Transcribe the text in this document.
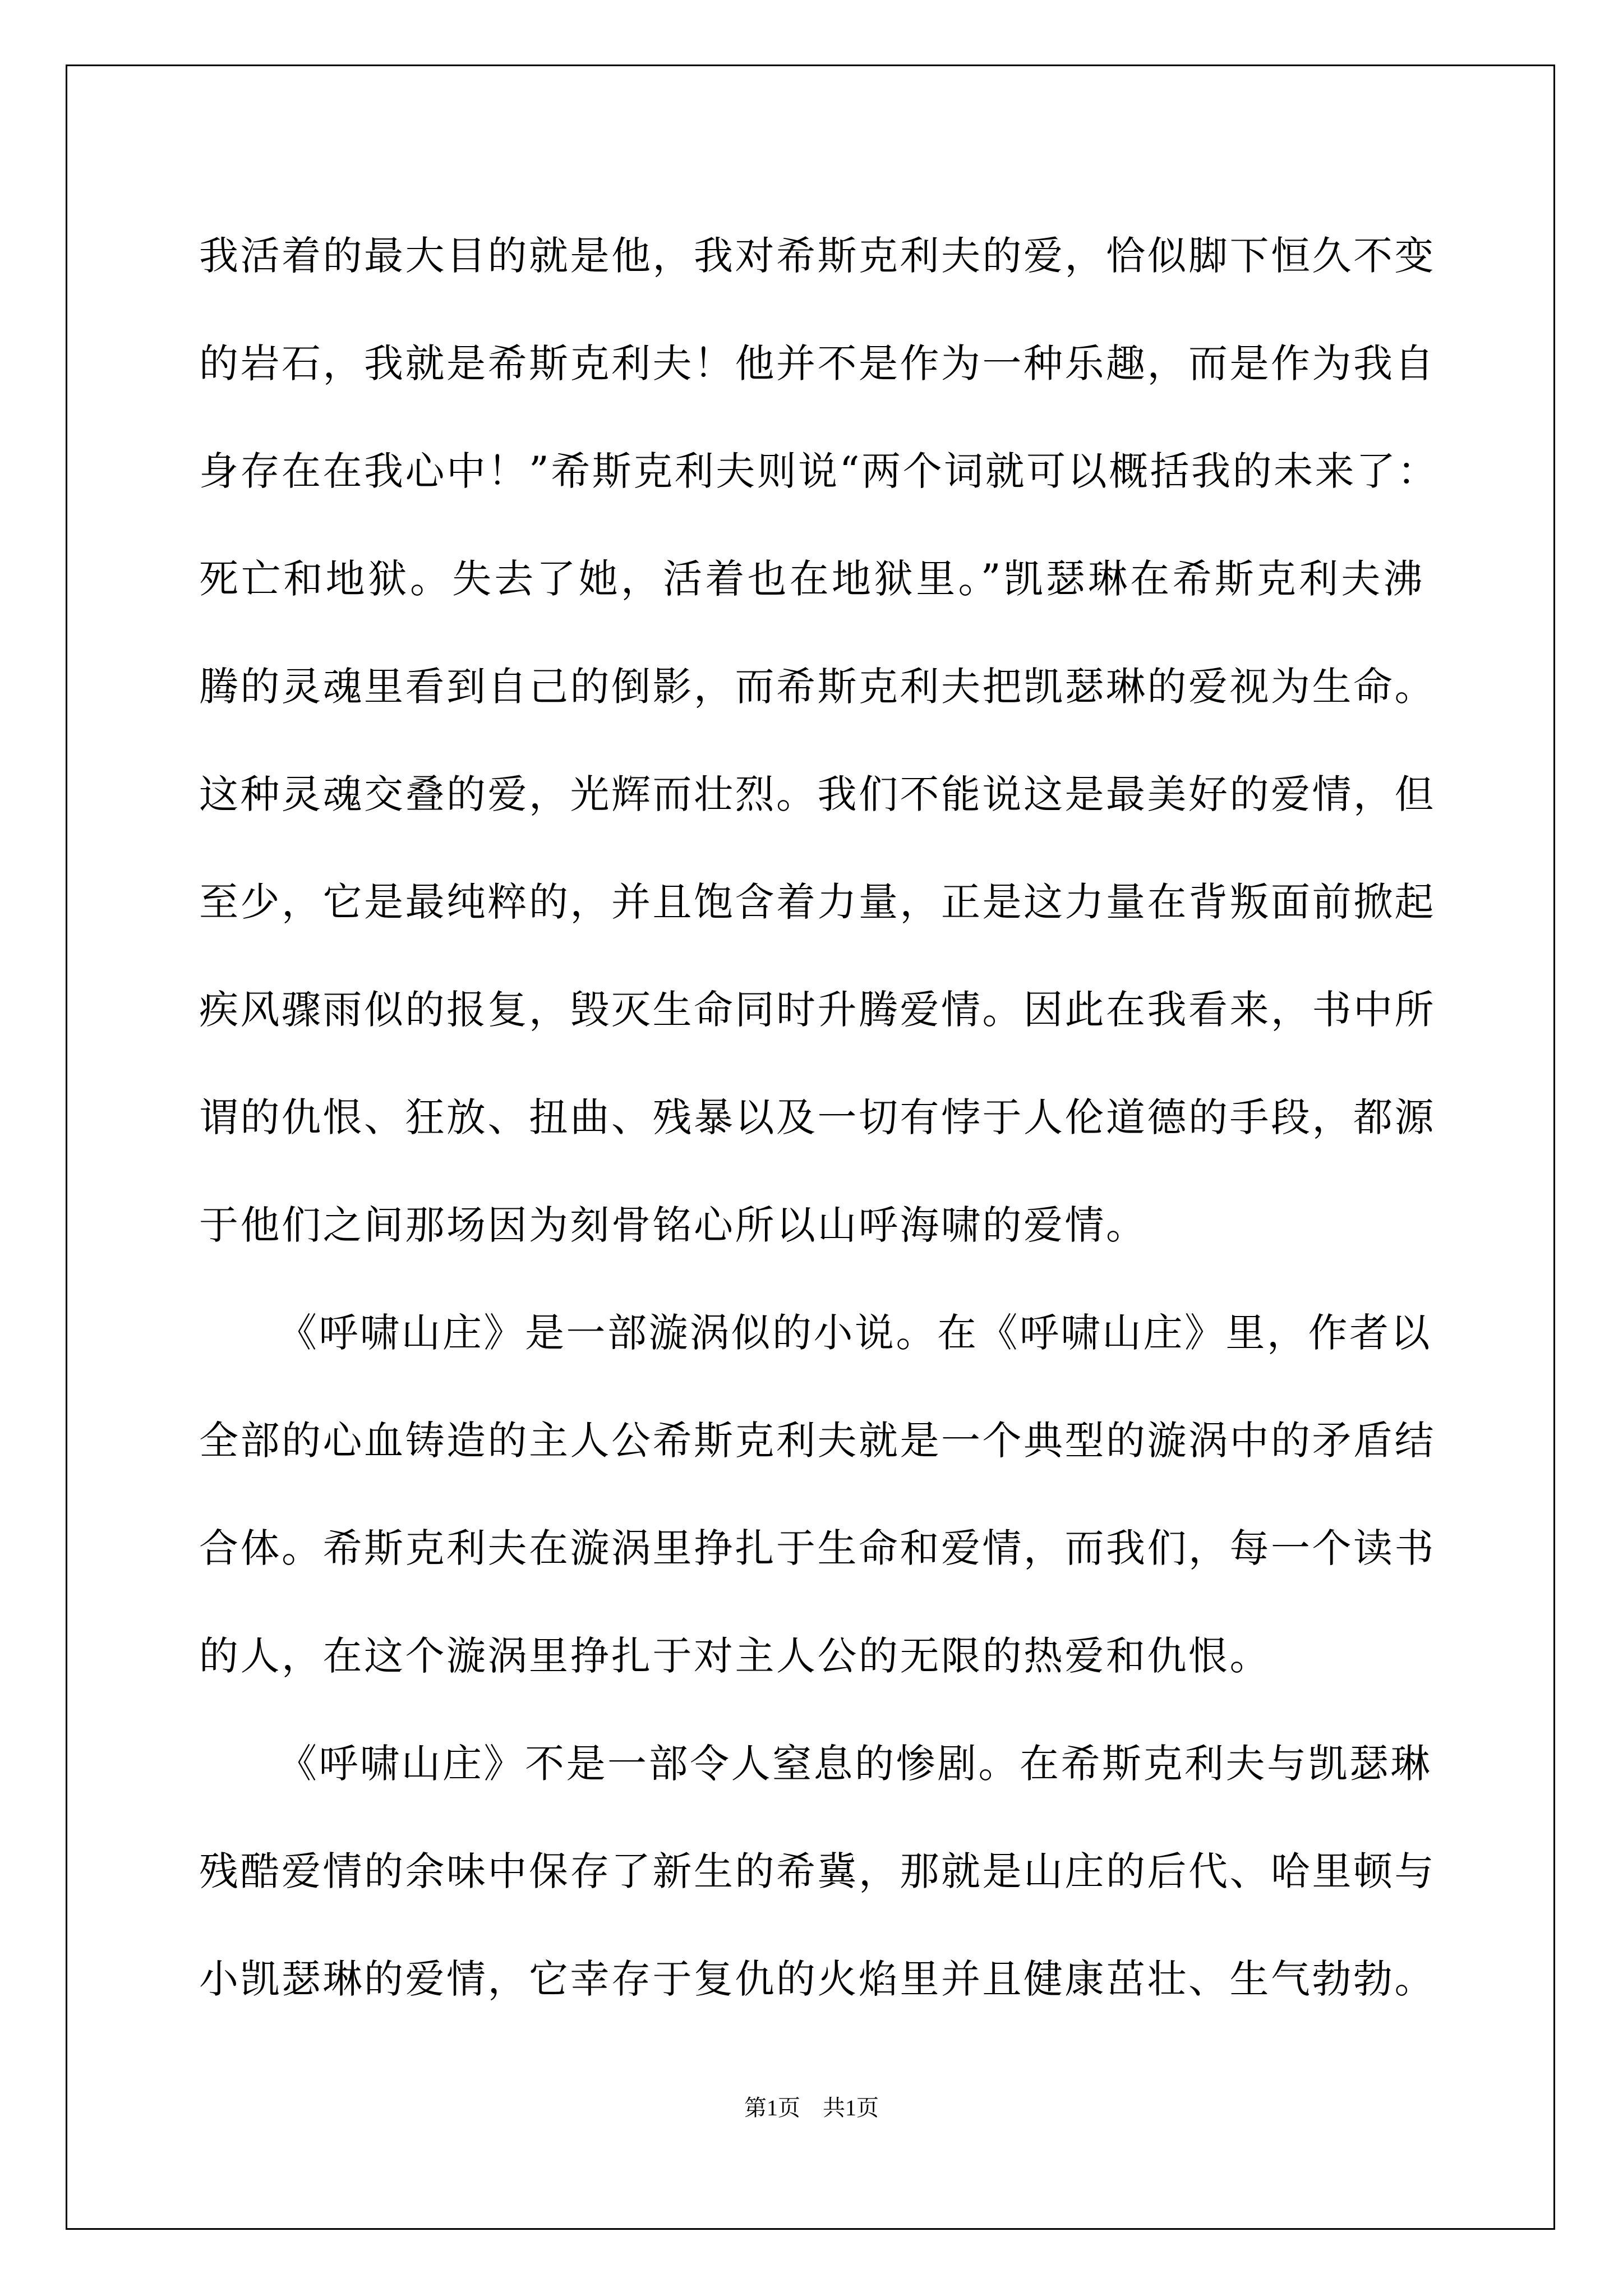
我活着的最大目的就是他，我对希斯克利夫的爱，恰似脚下恒久不变
的岩石，我就是希斯克利夫！他并不是作为一种乐趣，而是作为我自
身存在在我心中！”希斯克利夫则说“两个词就可以概括我的未来了：
死亡和地狱。失去了她，活着也在地狱里。”凯瑟琳在希斯克利夫沸
腾的灵魂里看到自己的倒影，而希斯克利夫把凯瑟琳的爱视为生命。
这种灵魂交叠的爱，光辉而壮烈。我们不能说这是最美好的爱情，但
至少，它是最纯粹的，并且饱含着力量，正是这力量在背叛面前掀起
疾风骤雨似的报复，毁灭生命同时升腾爱情。因此在我看来，书中所
谓的仇恨、狂放、扭曲、残暴以及一切有悖于人伦道德的手段，都源
于他们之间那场因为刻骨铭心所以山呼海啸的爱情。
《呼啸山庄》是一部漩涡似的小说。在《呼啸山庄》里，作者以
全部的心血铸造的主人公希斯克利夫就是一个典型的漩涡中的矛盾结
合体。希斯克利夫在漩涡里挣扎于生命和爱情，而我们，每一个读书
的人，在这个漩涡里挣扎于对主人公的无限的热爱和仇恨。
《呼啸山庄》不是一部令人窒息的惨剧。在希斯克利夫与凯瑟琳
残酷爱情的余味中保存了新生的希冀，那就是山庄的后代、哈里顿与
小凯瑟琳的爱情，它幸存于复仇的火焰里并且健康茁壮、生气勃勃。
第1页　共1页
